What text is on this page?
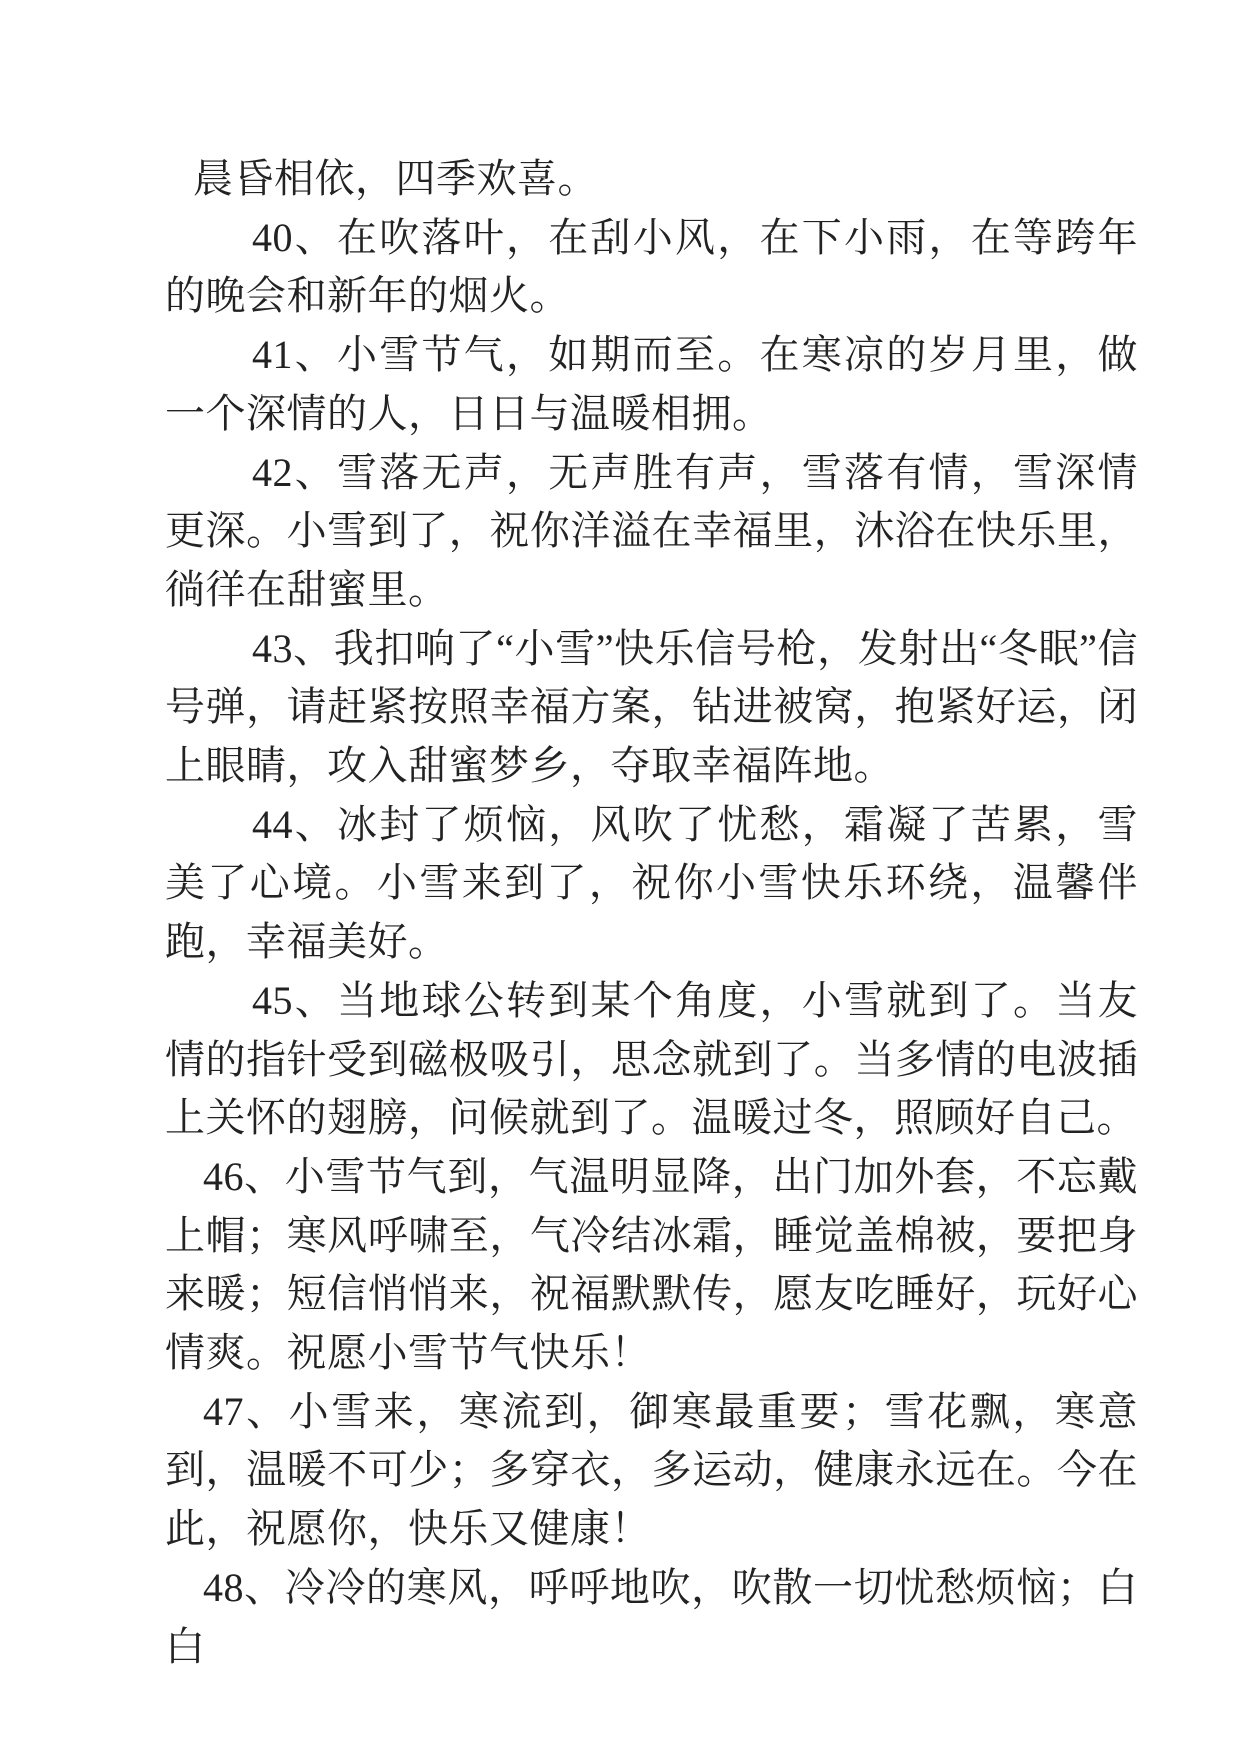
晨昏相依，四季欢喜。

40、在吹落叶，在刮小风，在下小雨，在等跨年的晚会和新年的烟火。

41、小雪节气，如期而至。在寒凉的岁月里，做一个深情的人，日日与温暖相拥。

42、雪落无声，无声胜有声，雪落有情，雪深情更深。小雪到了，祝你洋溢在幸福里，沐浴在快乐里，徜徉在甜蜜里。

43、我扣响了“小雪”快乐信号枪，发射出“冬眠”信号弹，请赶紧按照幸福方案，钻进被窝，抱紧好运，闭上眼睛，攻入甜蜜梦乡，夺取幸福阵地。

44、冰封了烦恼，风吹了忧愁，霜凝了苦累，雪美了心境。小雪来到了，祝你小雪快乐环绕，温馨伴跑，幸福美好。

45、当地球公转到某个角度，小雪就到了。当友情的指针受到磁极吸引，思念就到了。当多情的电波插上关怀的翅膀，问候就到了。温暖过冬，照顾好自己。

46、小雪节气到，气温明显降，出门加外套，不忘戴上帽；寒风呼啸至，气冷结冰霜，睡觉盖棉被，要把身来暖；短信悄悄来，祝福默默传，愿友吃睡好，玩好心情爽。祝愿小雪节气快乐！

47、小雪来，寒流到，御寒最重要；雪花飘，寒意到，温暖不可少；多穿衣，多运动，健康永远在。今在此，祝愿你，快乐又健康！

48、冷冷的寒风，呼呼地吹，吹散一切忧愁烦恼；白白
